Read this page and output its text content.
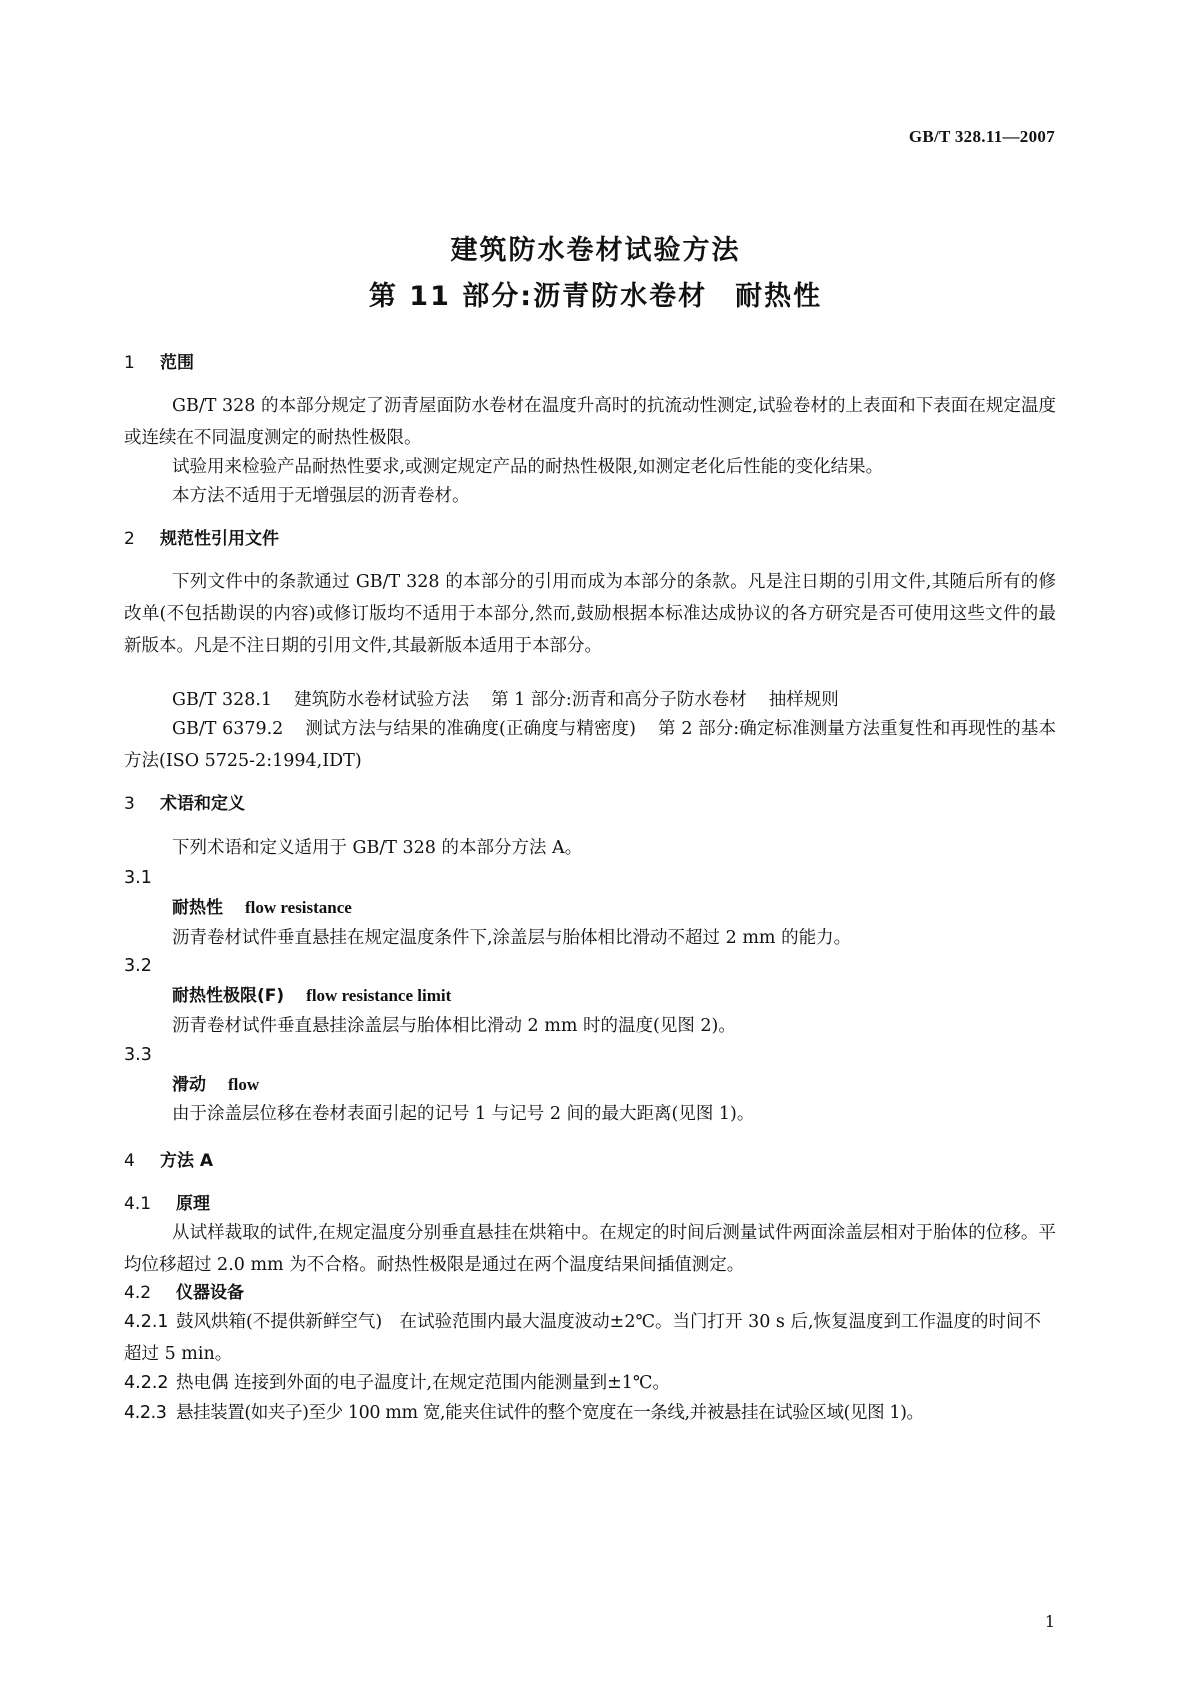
GB/T 328.11—2007
建筑防水卷材试验方法
第 11 部分:沥青防水卷材 耐热性
1 范围
GB/T 328 的本部分规定了沥青屋面防水卷材在温度升高时的抗流动性测定,试验卷材的上表面和下表面在规定温度或连续在不同温度测定的耐热性极限。
试验用来检验产品耐热性要求,或测定规定产品的耐热性极限,如测定老化后性能的变化结果。
本方法不适用于无增强层的沥青卷材。
2 规范性引用文件
下列文件中的条款通过 GB/T 328 的本部分的引用而成为本部分的条款。凡是注日期的引用文件,其随后所有的修改单(不包括勘误的内容)或修订版均不适用于本部分,然而,鼓励根据本标准达成协议的各方研究是否可使用这些文件的最新版本。凡是不注日期的引用文件,其最新版本适用于本部分。
GB/T 328.1 建筑防水卷材试验方法 第 1 部分:沥青和高分子防水卷材 抽样规则
GB/T 6379.2 测试方法与结果的准确度(正确度与精密度) 第 2 部分:确定标准测量方法重复性和再现性的基本方法(ISO 5725-2:1994,IDT)
3 术语和定义
下列术语和定义适用于 GB/T 328 的本部分方法 A。
3.1
耐热性 flow resistance
沥青卷材试件垂直悬挂在规定温度条件下,涂盖层与胎体相比滑动不超过 2 mm 的能力。
3.2
耐热性极限(F) flow resistance limit
沥青卷材试件垂直悬挂涂盖层与胎体相比滑动 2 mm 时的温度(见图 2)。
3.3
滑动 flow
由于涂盖层位移在卷材表面引起的记号 1 与记号 2 间的最大距离(见图 1)。
4 方法 A
4.1 原理
从试样裁取的试件,在规定温度分别垂直悬挂在烘箱中。在规定的时间后测量试件两面涂盖层相对于胎体的位移。平均位移超过 2.0 mm 为不合格。耐热性极限是通过在两个温度结果间插值测定。
4.2 仪器设备
4.2.1 鼓风烘箱(不提供新鲜空气)　在试验范围内最大温度波动±2℃。当门打开 30 s 后,恢复温度到工作温度的时间不超过 5 min。
4.2.2 热电偶 连接到外面的电子温度计,在规定范围内能测量到±1℃。
4.2.3 悬挂装置(如夹子)至少 100 mm 宽,能夹住试件的整个宽度在一条线,并被悬挂在试验区域(见图 1)。
1
